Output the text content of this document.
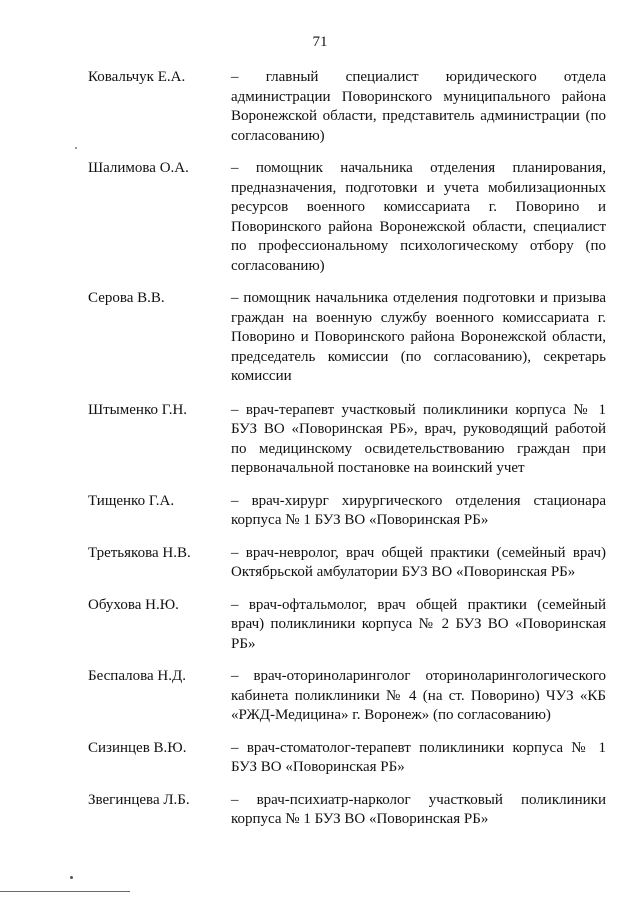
71
Ковальчук Е.А.	– главный специалист юридического отдела администрации Поворинского муниципального района Воронежской области, представитель администрации (по согласованию)
Шалимова О.А.	– помощник начальника отделения планирования, предназначения, подготовки и учета мобилизационных ресурсов военного комиссариата г. Поворино и Поворинского района Воронежской области, специалист по профессиональному психологическому отбору (по согласованию)
Серова В.В.	– помощник начальника отделения подготовки и призыва граждан на военную службу военного комиссариата г. Поворино и Поворинского района Воронежской области, председатель комиссии (по согласованию), секретарь комиссии
Штыменко Г.Н.	– врач-терапевт участковый поликлиники корпуса № 1 БУЗ ВО «Поворинская РБ», врач, руководящий работой по медицинскому освидетельствованию граждан при первоначальной постановке на воинский учет
Тищенко Г.А.	– врач-хирург хирургического отделения стационара корпуса № 1 БУЗ ВО «Поворинская РБ»
Третьякова Н.В.	– врач-невролог, врач общей практики (семейный врач) Октябрьской амбулатории БУЗ ВО «Поворинская РБ»
Обухова Н.Ю.	– врач-офтальмолог, врач общей практики (семейный врач) поликлиники корпуса № 2 БУЗ ВО «Поворинская РБ»
Беспалова Н.Д.	– врач-оториноларинголог оториноларингологического кабинета поликлиники № 4 (на ст. Поворино) ЧУЗ «КБ «РЖД-Медицина» г. Воронеж» (по согласованию)
Сизинцев В.Ю.	– врач-стоматолог-терапевт поликлиники корпуса № 1 БУЗ ВО «Поворинская РБ»
Звегинцева Л.Б.	– врач-психиатр-нарколог участковый поликлиники корпуса № 1 БУЗ ВО «Поворинская РБ»
